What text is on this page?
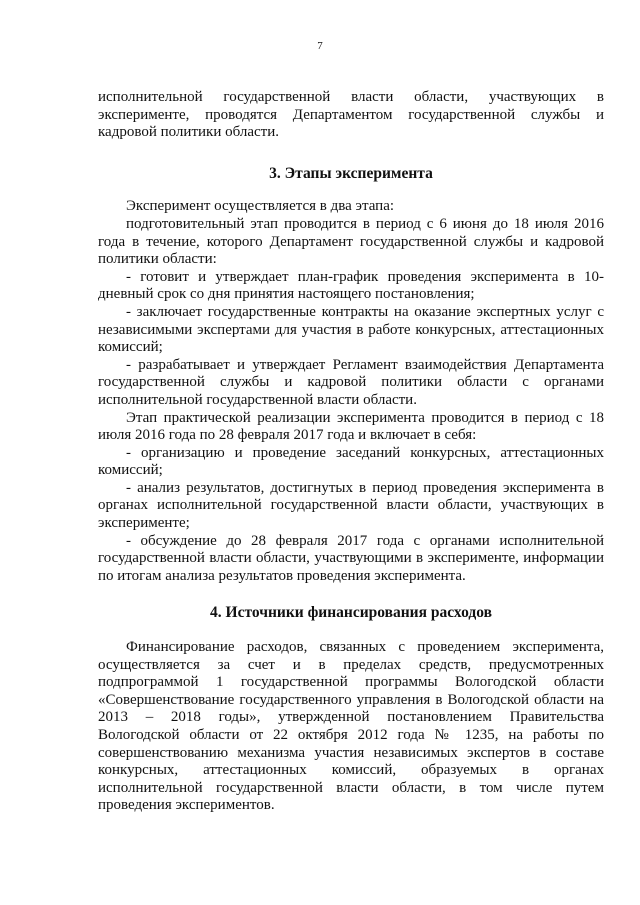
7

исполнительной государственной власти области, участвующих в эксперименте, проводятся Департаментом государственной службы и кадровой политики области.

3. Этапы эксперимента

Эксперимент осуществляется в два этапа:

подготовительный этап проводится в период с 6 июня до 18 июля 2016 года в течение, которого Департамент государственной службы и кадровой политики области:

- готовит и утверждает план-график проведения эксперимента в 10-дневный срок со дня принятия настоящего постановления;

- заключает государственные контракты на оказание экспертных услуг с независимыми экспертами для участия в работе конкурсных, аттестационных комиссий;

- разрабатывает и утверждает Регламент взаимодействия Департамента государственной службы и кадровой политики области с органами исполнительной государственной власти области.

Этап практической реализации эксперимента проводится в период с 18 июля 2016 года по 28 февраля 2017 года и включает в себя:

- организацию и проведение заседаний конкурсных, аттестационных комиссий;

- анализ результатов, достигнутых в период проведения эксперимента в органах исполнительной государственной власти области, участвующих в эксперименте;

- обсуждение до 28 февраля 2017 года с органами исполнительной государственной власти области, участвующими в эксперименте, информации по итогам анализа результатов проведения эксперимента.

4. Источники финансирования расходов

Финансирование расходов, связанных с проведением эксперимента, осуществляется за счет и в пределах средств, предусмотренных подпрограммой 1 государственной программы Вологодской области «Совершенствование государственного управления в Вологодской области на 2013 – 2018 годы», утвержденной постановлением Правительства Вологодской области от 22 октября 2012 года № 1235, на работы по совершенствованию механизма участия независимых экспертов в составе конкурсных, аттестационных комиссий, образуемых в органах исполнительной государственной власти области, в том числе путем проведения экспериментов.
